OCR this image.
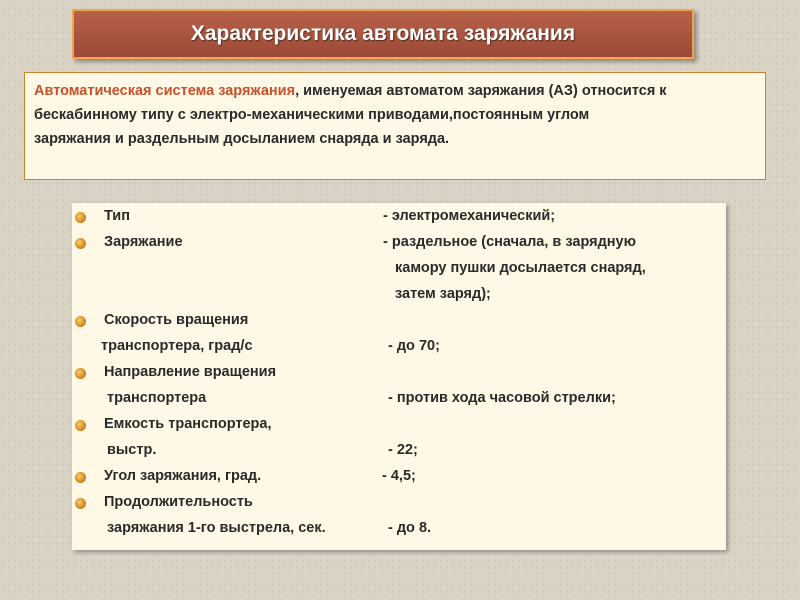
Характеристика автомата заряжания
Автоматическая система заряжания, именуемая автоматом заряжания (АЗ) относится к
бескабинному типу с электро-механическими приводами,постоянным углом
заряжания и раздельным досыланием снаряда и заряда.
Тип	- электромеханический;
Заряжание	- раздельное (сначала, в зарядную
камору пушки досылается снаряд,
затем заряд);
Скорость вращения
транспортера, град/с	- до 70;
Направление вращения
транспортера	- против хода часовой стрелки;
Емкость транспортера,
выстр.	- 22;
Угол заряжания, град.	- 4,5;
Продолжительность
заряжания 1-го выстрела, сек.	- до 8.
